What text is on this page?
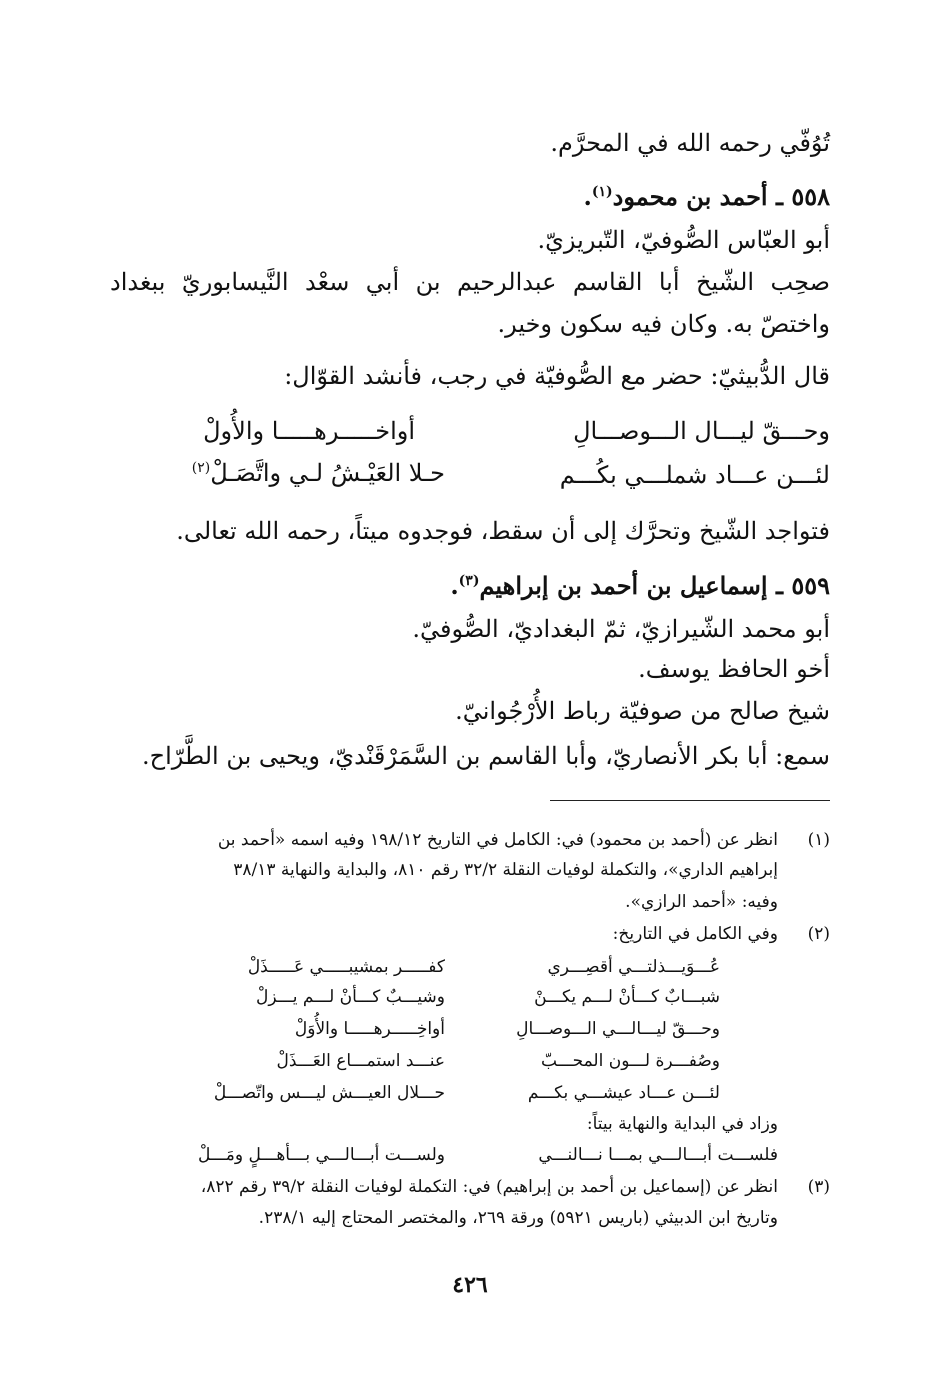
تُوُفّي رحمه الله في المحرَّم.
٥٥٨ ـ أحمد بن محمود$^{(١)}$.
أبو العبّاس الصُّوفيّ، التّبريزيّ.
صحِب الشّيخ أبا القاسم عبدالرحيم بن أبي سعْد النَّيسابوريّ ببغداد
واختصّ به. وكان فيه سكون وخير.
قال الدُّبيثيّ: حضر مع الصُّوفيّة في رجب، فأنشد القوّال:
وحـــقّ ليـــال الـــوصـــالِ
أواخـــــرهـــــا والأُولْ
لئـــن عـــاد شملـــي بكُـــم
حـلا العَيْـشُ لـي واتَّصَـلْ$^{(٢)}$
فتواجد الشّيخ وتحرَّك إلى أن سقط، فوجدوه ميتاً، رحمه الله تعالى.
٥٥٩ ـ إسماعيل بن أحمد بن إبراهيم$^{(٣)}$.
أبو محمد الشّيرازيّ، ثمّ البغداديّ، الصُّوفيّ.
أخو الحافظ يوسف.
شيخ صالح من صوفيّة رباط الأُرْجُوانيّ.
سمع: أبا بكر الأنصاريّ، وأبا القاسم بن السَّمَرْقَنْديّ، ويحيى بن الطَّرّاح.
(١)
انظر عن (أحمد بن محمود) في: الكامل في التاريخ ١٩٨/١٢ وفيه اسمه «أحمد بن
إبراهيم الداري»، والتكملة لوفيات النقلة ٣٢/٢ رقم ٨١٠، والبداية والنهاية ٣٨/١٣
وفيه: «أحمد الرازي».
(٢)
وفي الكامل في التاريخ:
عُـــوَيـــذلتـــي أقصِـــري
كفـــــر بمشيبـــــي عَـــــذَلْ
شبـــابٌ كـــأنْ لـــم يكـــنْ
وشيـــبٌ كـــأنْ لـــم يـــزلْ
وحـــقّ ليـــالـــي الـــوصـــالِ
أواخِـــــرهـــــا والأُوَلْ
وصُفـــرة لـــون المحـــبّ
عنـــد استمـــاع العَـــذَلْ
لئـــن عـــاد عيشـــي بكـــم
حـــلال العيـــش ليـــس واتّصـــلْ
وزاد في البداية والنهاية بيتاً:
فلســـت أبـــالـــي بمـــا نـــالنـــي
ولســـت أبـــالـــي بـــأهـــلٍ ومَـــلْ
(٣)
انظر عن (إسماعيل بن أحمد بن إبراهيم) في: التكملة لوفيات النقلة ٣٩/٢ رقم ٨٢٢،
وتاريخ ابن الدبيثي (باريس ٥٩٢١) ورقة ٢٦٩، والمختصر المحتاج إليه ٢٣٨/١.
٤٢٦
